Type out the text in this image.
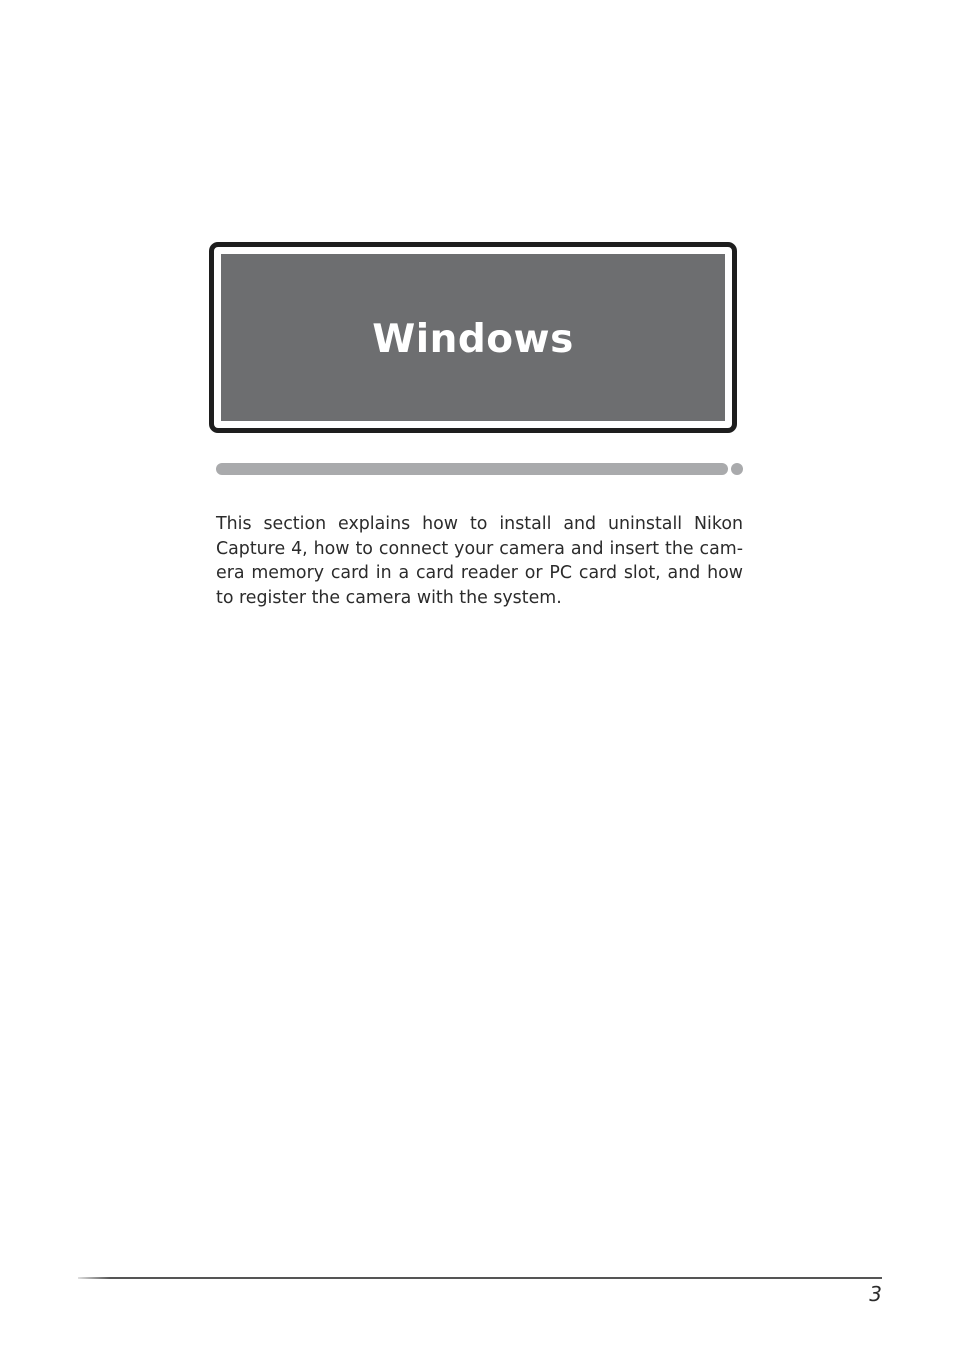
Windows

This section explains how to install and uninstall Nikon Capture 4, how to connect your camera and insert the camera memory card in a card reader or PC card slot, and how to register the camera with the system.

3
